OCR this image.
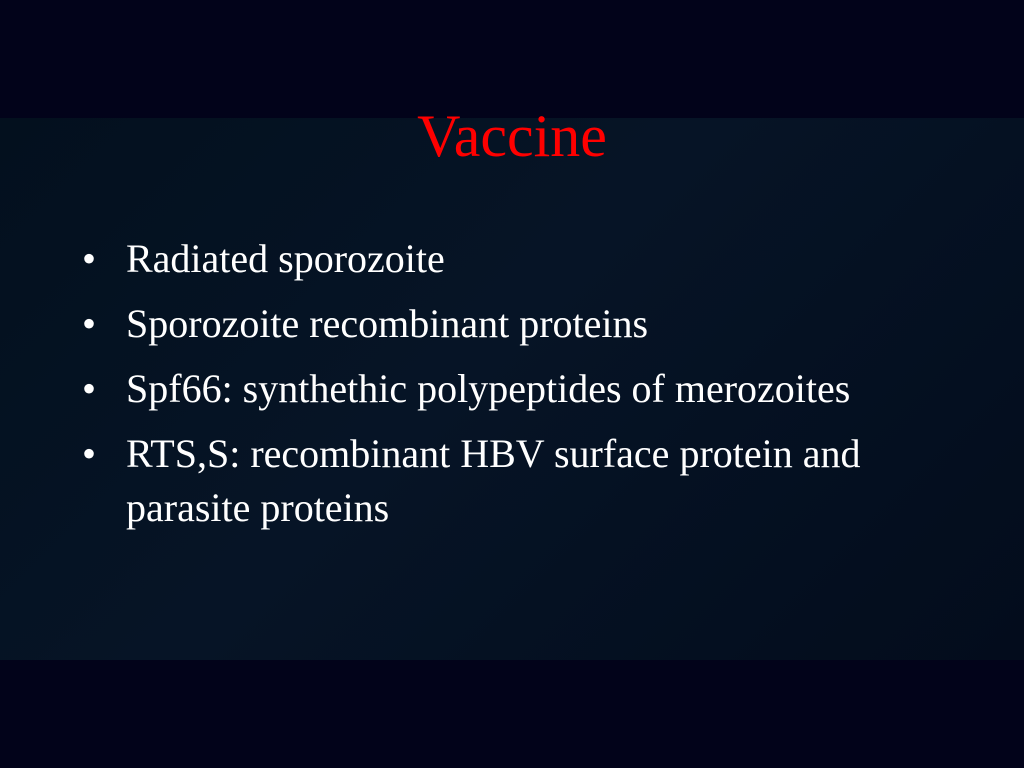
Vaccine
• Radiated sporozoite
• Sporozoite recombinant proteins
• Spf66: synthethic polypeptides of merozoites
• RTS,S: recombinant HBV surface protein and parasite proteins
